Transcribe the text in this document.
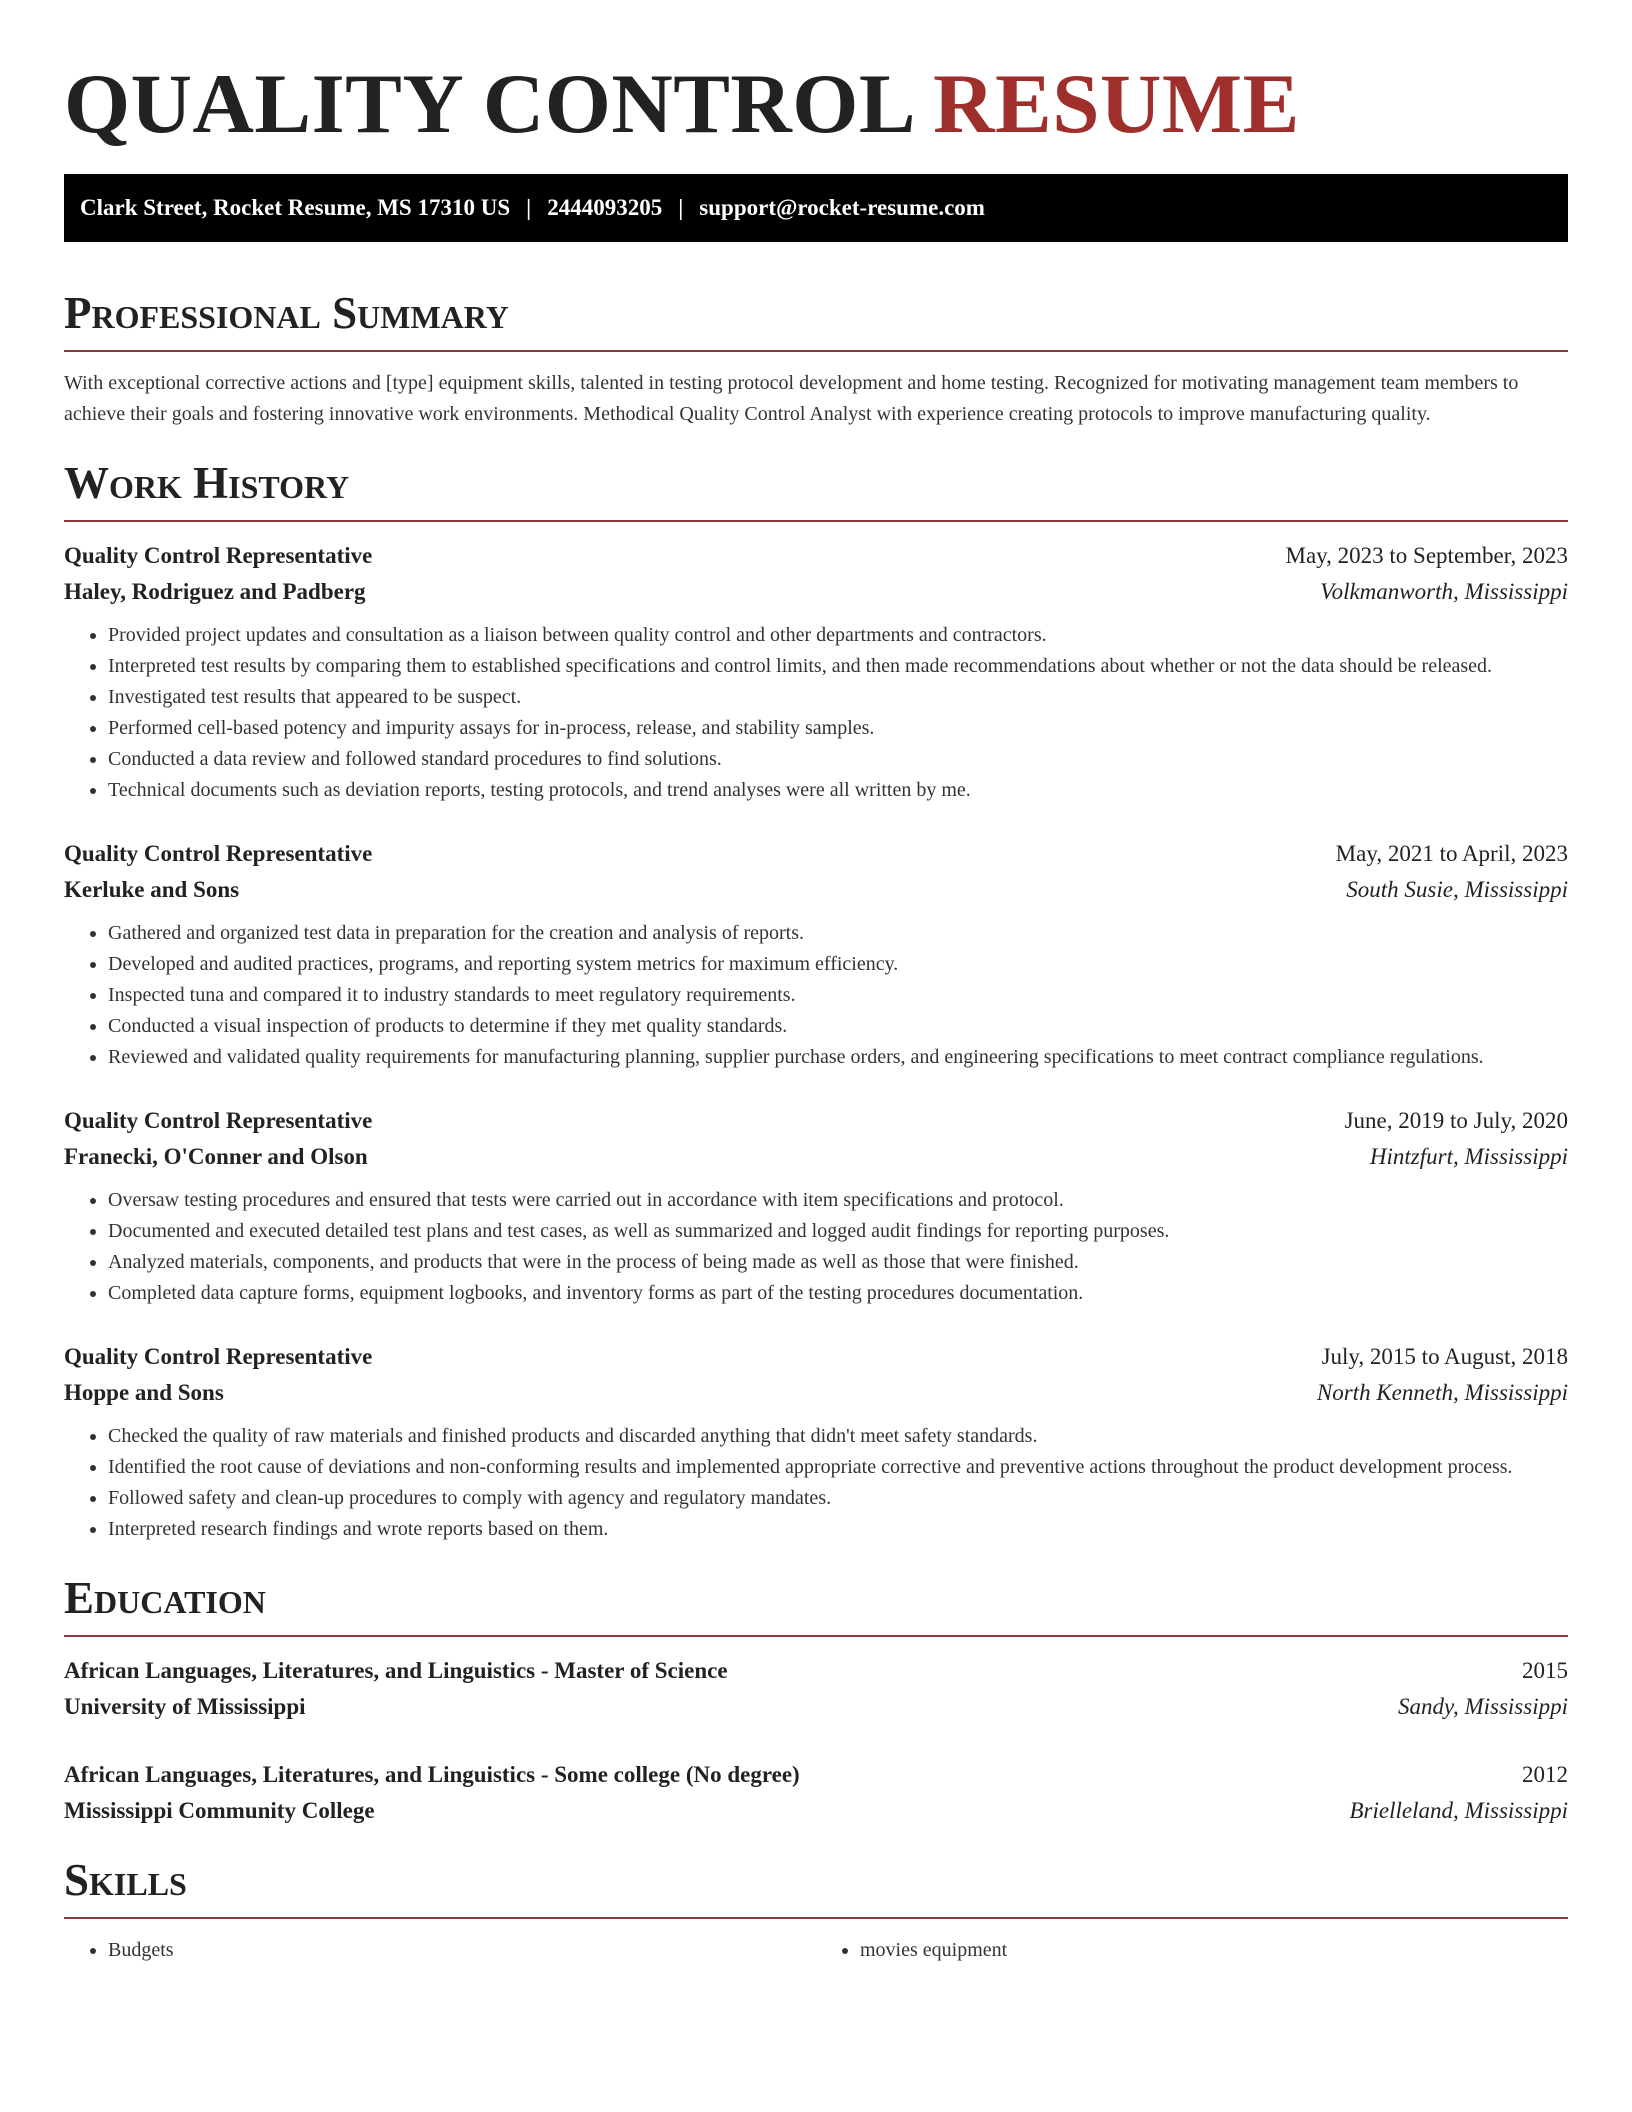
QUALITY CONTROL RESUME
Clark Street, Rocket Resume, MS 17310 US | 2444093205 | support@rocket-resume.com
Professional Summary

With exceptional corrective actions and [type] equipment skills, talented in testing protocol development and home testing. Recognized for motivating management team members to achieve their goals and fostering innovative work environments. Methodical Quality Control Analyst with experience creating protocols to improve manufacturing quality.

Work History
Quality Control Representative	May, 2023 to September, 2023
Haley, Rodriguez and Padberg	Volkmanworth, Mississippi
• Provided project updates and consultation as a liaison between quality control and other departments and contractors.
• Interpreted test results by comparing them to established specifications and control limits, and then made recommendations about whether or not the data should be released.
• Investigated test results that appeared to be suspect.
• Performed cell-based potency and impurity assays for in-process, release, and stability samples.
• Conducted a data review and followed standard procedures to find solutions.
• Technical documents such as deviation reports, testing protocols, and trend analyses were all written by me.
Quality Control Representative	May, 2021 to April, 2023
Kerluke and Sons	South Susie, Mississippi
• Gathered and organized test data in preparation for the creation and analysis of reports.
• Developed and audited practices, programs, and reporting system metrics for maximum efficiency.
• Inspected tuna and compared it to industry standards to meet regulatory requirements.
• Conducted a visual inspection of products to determine if they met quality standards.
• Reviewed and validated quality requirements for manufacturing planning, supplier purchase orders, and engineering specifications to meet contract compliance regulations.
Quality Control Representative	June, 2019 to July, 2020
Franecki, O'Conner and Olson	Hintzfurt, Mississippi
• Oversaw testing procedures and ensured that tests were carried out in accordance with item specifications and protocol.
• Documented and executed detailed test plans and test cases, as well as summarized and logged audit findings for reporting purposes.
• Analyzed materials, components, and products that were in the process of being made as well as those that were finished.
• Completed data capture forms, equipment logbooks, and inventory forms as part of the testing procedures documentation.
Quality Control Representative	July, 2015 to August, 2018
Hoppe and Sons	North Kenneth, Mississippi
• Checked the quality of raw materials and finished products and discarded anything that didn't meet safety standards.
• Identified the root cause of deviations and non-conforming results and implemented appropriate corrective and preventive actions throughout the product development process.
• Followed safety and clean-up procedures to comply with agency and regulatory mandates.
• Interpreted research findings and wrote reports based on them.
Education
African Languages, Literatures, and Linguistics - Master of Science	2015
University of Mississippi	Sandy, Mississippi
African Languages, Literatures, and Linguistics - Some college (No degree)	2012
Mississippi Community College	Brielleland, Mississippi
Skills
• Budgets
•	movies equipment
